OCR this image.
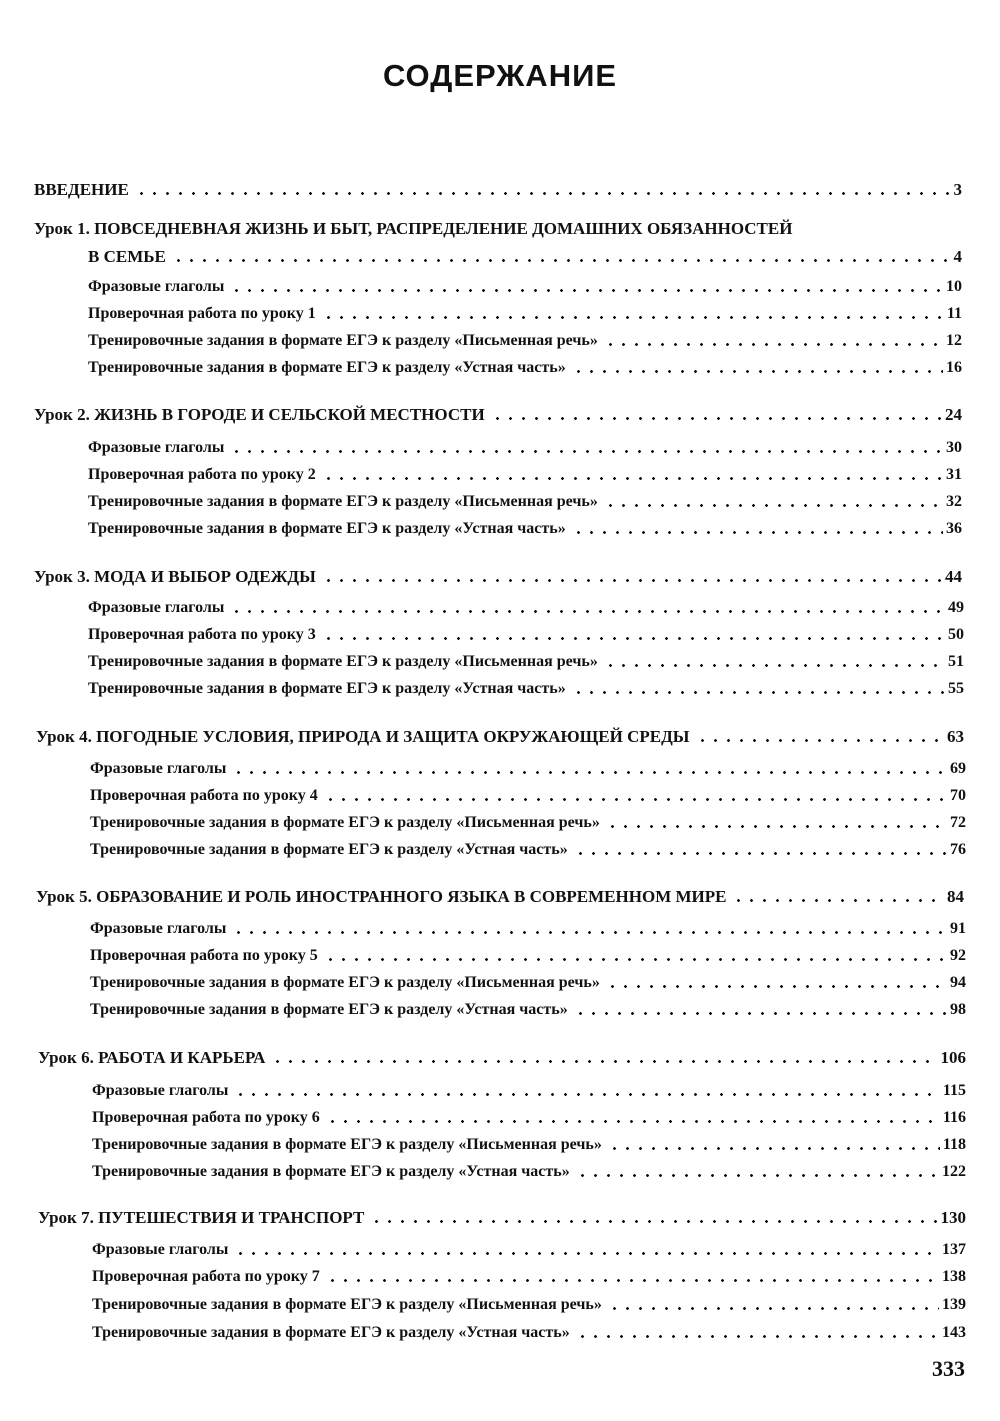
СОДЕРЖАНИЕ
ВВЕДЕНИЕ	3
Урок 1. ПОВСЕДНЕВНАЯ ЖИЗНЬ И БЫТ, РАСПРЕДЕЛЕНИЕ ДОМАШНИХ ОБЯЗАННОСТЕЙ
В СЕМЬЕ	4
Фразовые глаголы	10
Проверочная работа по уроку 1	11
Тренировочные задания в формате ЕГЭ к разделу «Письменная речь»	12
Тренировочные задания в формате ЕГЭ к разделу «Устная часть»	16
Урок 2. ЖИЗНЬ В ГОРОДЕ И СЕЛЬСКОЙ МЕСТНОСТИ	24
Фразовые глаголы	30
Проверочная работа по уроку 2	31
Тренировочные задания в формате ЕГЭ к разделу «Письменная речь»	32
Тренировочные задания в формате ЕГЭ к разделу «Устная часть»	36
Урок 3. МОДА И ВЫБОР ОДЕЖДЫ	44
Фразовые глаголы	49
Проверочная работа по уроку 3	50
Тренировочные задания в формате ЕГЭ к разделу «Письменная речь»	51
Тренировочные задания в формате ЕГЭ к разделу «Устная часть»	55
Урок 4. ПОГОДНЫЕ УСЛОВИЯ, ПРИРОДА И ЗАЩИТА ОКРУЖАЮЩЕЙ СРЕДЫ	63
Фразовые глаголы	69
Проверочная работа по уроку 4	70
Тренировочные задания в формате ЕГЭ к разделу «Письменная речь»	72
Тренировочные задания в формате ЕГЭ к разделу «Устная часть»	76
Урок 5. ОБРАЗОВАНИЕ И РОЛЬ ИНОСТРАННОГО ЯЗЫКА В СОВРЕМЕННОМ МИРЕ	84
Фразовые глаголы	91
Проверочная работа по уроку 5	92
Тренировочные задания в формате ЕГЭ к разделу «Письменная речь»	94
Тренировочные задания в формате ЕГЭ к разделу «Устная часть»	98
Урок 6. РАБОТА И КАРЬЕРА	106
Фразовые глаголы	115
Проверочная работа по уроку 6	116
Тренировочные задания в формате ЕГЭ к разделу «Письменная речь»	118
Тренировочные задания в формате ЕГЭ к разделу «Устная часть»	122
Урок 7. ПУТЕШЕСТВИЯ И ТРАНСПОРТ	130
Фразовые глаголы	137
Проверочная работа по уроку 7	138
Тренировочные задания в формате ЕГЭ к разделу «Письменная речь»	139
Тренировочные задания в формате ЕГЭ к разделу «Устная часть»	143
333
